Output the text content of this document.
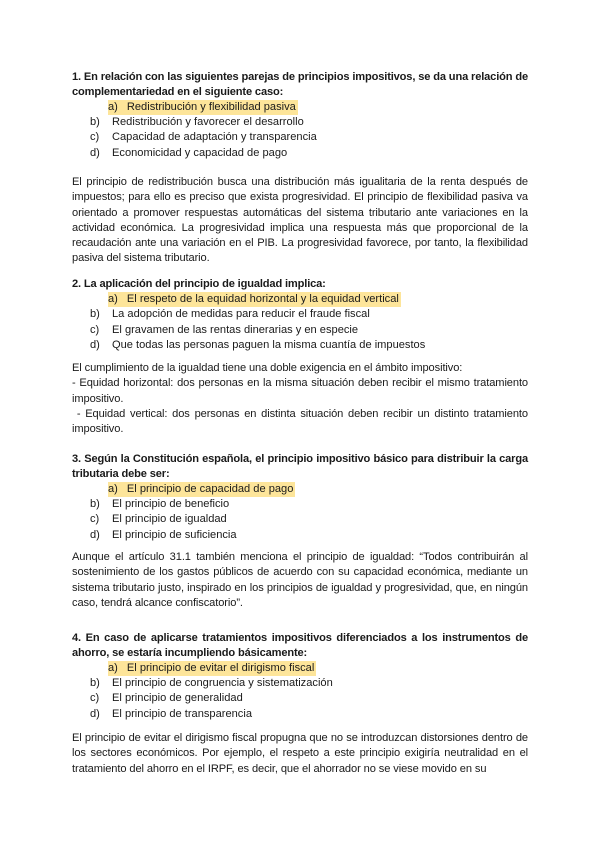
1. En relación con las siguientes parejas de principios impositivos, se da una relación de complementariedad en el siguiente caso:

a) Redistribución y flexibilidad pasiva
b) Redistribución y favorecer el desarrollo
c) Capacidad de adaptación y transparencia
d) Economicidad y capacidad de pago

El principio de redistribución busca una distribución más igualitaria de la renta después de impuestos; para ello es preciso que exista progresividad. El principio de flexibilidad pasiva va orientado a promover respuestas automáticas del sistema tributario ante variaciones en la actividad económica. La progresividad implica una respuesta más que proporcional de la recaudación ante una variación en el PIB. La progresividad favorece, por tanto, la flexibilidad pasiva del sistema tributario.

2. La aplicación del principio de igualdad implica:

a) El respeto de la equidad horizontal y la equidad vertical
b) La adopción de medidas para reducir el fraude fiscal
c) El gravamen de las rentas dinerarias y en especie
d) Que todas las personas paguen la misma cuantía de impuestos

El cumplimiento de la igualdad tiene una doble exigencia en el ámbito impositivo:
- Equidad horizontal: dos personas en la misma situación deben recibir el mismo tratamiento impositivo.
- Equidad vertical: dos personas en distinta situación deben recibir un distinto tratamiento impositivo.

3. Según la Constitución española, el principio impositivo básico para distribuir la carga tributaria debe ser:

a) El principio de capacidad de pago
b) El principio de beneficio
c) El principio de igualdad
d) El principio de suficiencia

Aunque el artículo 31.1 también menciona el principio de igualdad: “Todos contribuirán al sostenimiento de los gastos públicos de acuerdo con su capacidad económica, mediante un sistema tributario justo, inspirado en los principios de igualdad y progresividad, que, en ningún caso, tendrá alcance confiscatorio”.

4. En caso de aplicarse tratamientos impositivos diferenciados a los instrumentos de ahorro, se estaría incumpliendo básicamente:

a) El principio de evitar el dirigismo fiscal
b) El principio de congruencia y sistematización
c) El principio de generalidad
d) El principio de transparencia

El principio de evitar el dirigismo fiscal propugna que no se introduzcan distorsiones dentro de los sectores económicos. Por ejemplo, el respeto a este principio exigiría neutralidad en el tratamiento del ahorro en el IRPF, es decir, que el ahorrador no se viese movido en su
